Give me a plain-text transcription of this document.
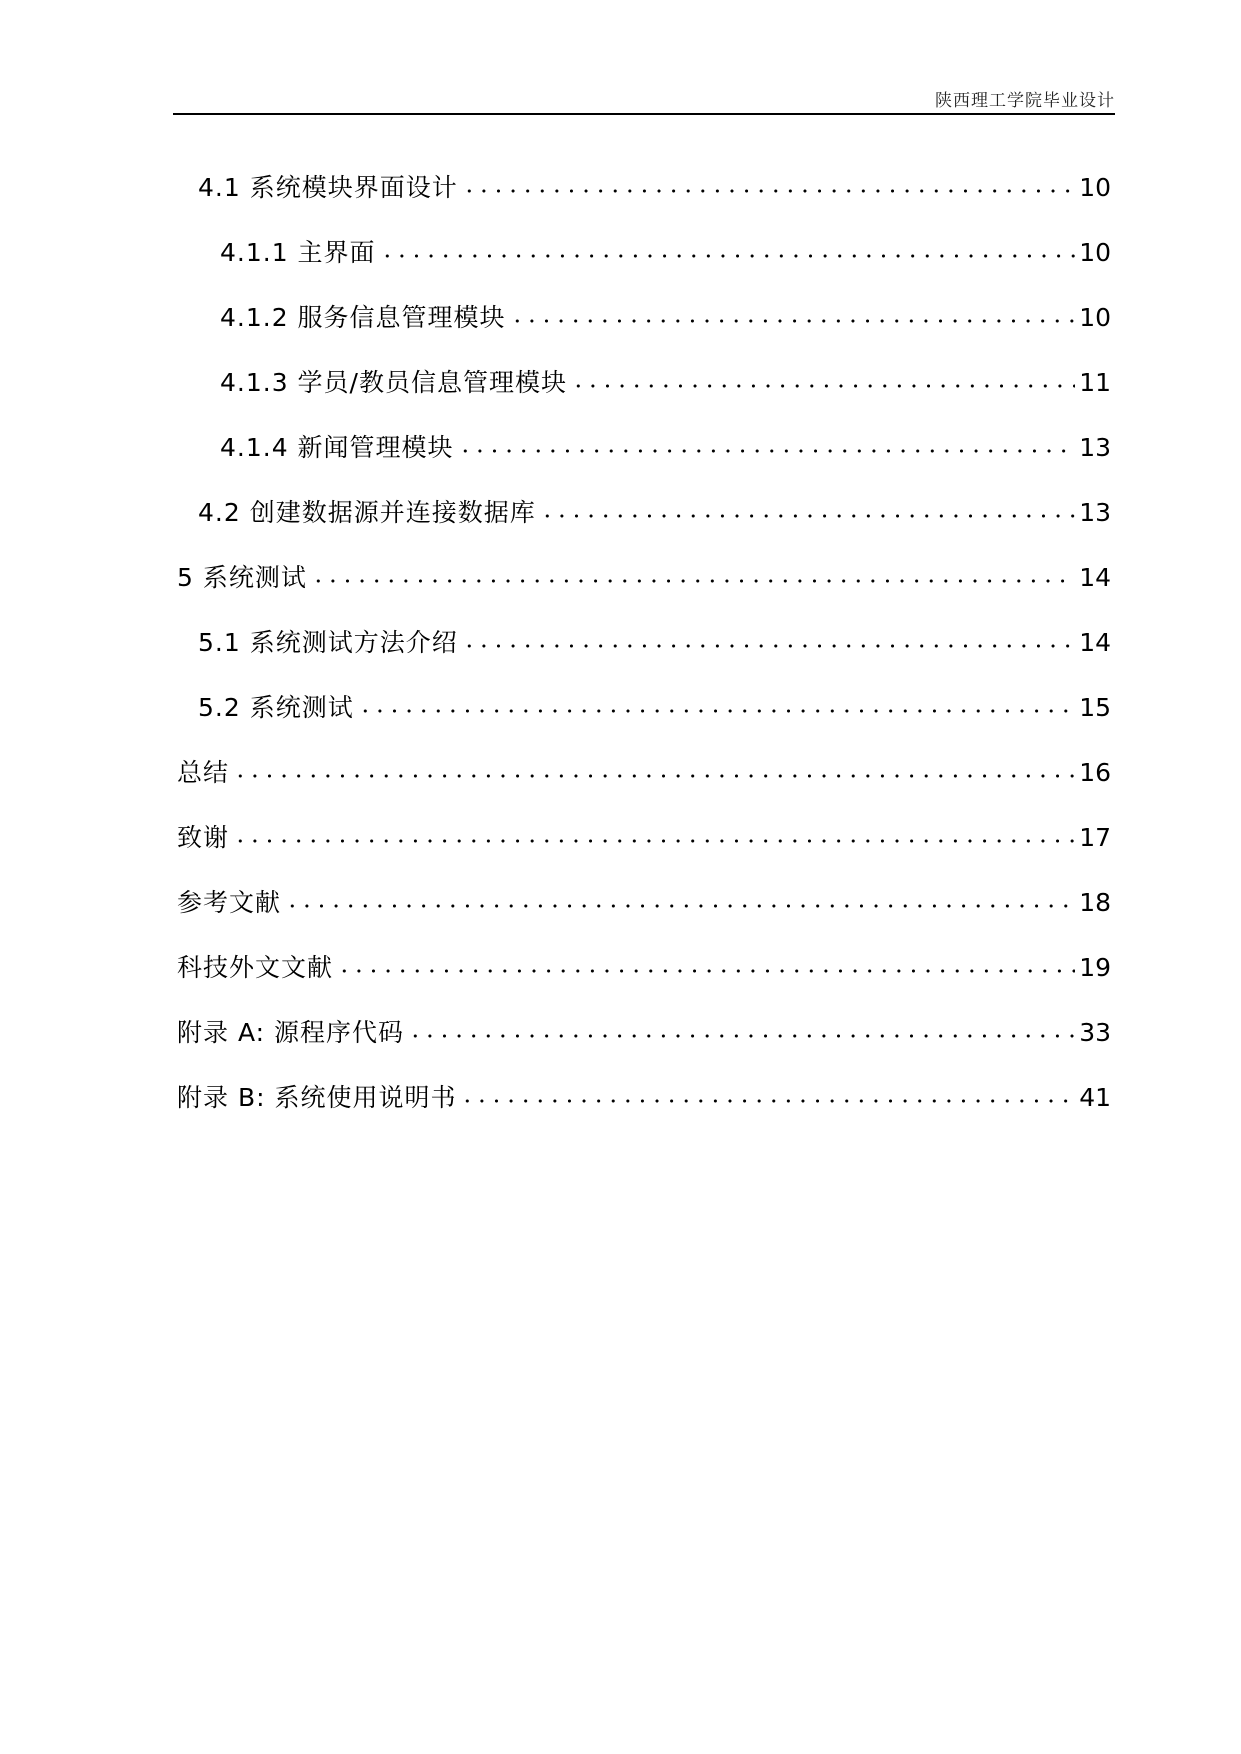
陕西理工学院毕业设计
4.1 系统模块界面设计	10
4.1.1 主界面	10
4.1.2 服务信息管理模块	10
4.1.3 学员/教员信息管理模块	11
4.1.4 新闻管理模块	13
4.2 创建数据源并连接数据库	13
5 系统测试	14
5.1 系统测试方法介绍	14
5.2 系统测试	15
总结	16
致谢	17
参考文献	18
科技外文文献	19
附录 A: 源程序代码	33
附录 B: 系统使用说明书	41
